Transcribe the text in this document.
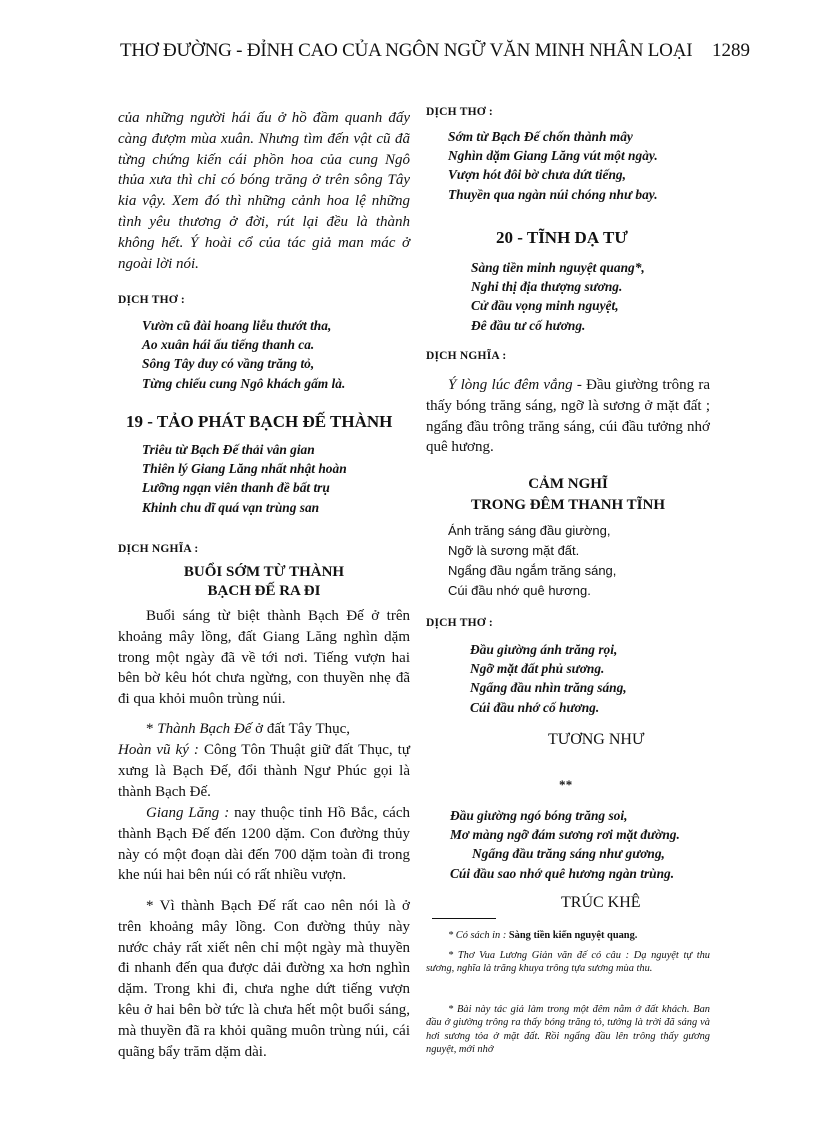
THƠ ĐƯỜNG - ĐỈNH CAO CỦA NGÔN NGỮ VĂN MINH NHÂN LOẠI 1289

của những người hái ấu ở hồ đầm quanh đấy càng đượm mùa xuân. Nhưng tìm đến vật cũ đã từng chứng kiến cái phồn hoa của cung Ngô thủa xưa thì chỉ có bóng trăng ở trên sông Tây kia vậy. Xem đó thì những cảnh hoa lệ những tình yêu thương ở đời, rút lại đều là thành không hết. Ý hoài cổ của tác giả man mác ở ngoài lời nói.

DỊCH THƠ :
Vườn cũ đài hoang liễu thướt tha,
Ao xuân hái ấu tiếng thanh ca.
Sông Tây duy có vầng trăng tỏ,
Từng chiếu cung Ngô khách gấm là.
19 - TẢO PHÁT BẠCH ĐẾ THÀNH
Triêu từ Bạch Đế thải vân gian
Thiên lý Giang Lăng nhất nhật hoàn
Lưỡng ngạn viên thanh đề bất trụ
Khinh chu dĩ quá vạn trùng san
DỊCH NGHĨA :
BUỔI SỚM TỪ THÀNH
BẠCH ĐẾ RA ĐI

Buổi sáng từ biệt thành Bạch Đế ở trên khoảng mây lồng, đất Giang Lăng nghìn dặm trong một ngày đã về tới nơi. Tiếng vượn hai bên bờ kêu hót chưa ngừng, con thuyền nhẹ đã đi qua khỏi muôn trùng núi.

* Thành Bạch Đế ở đất Tây Thục,

Hoàn vũ ký : Công Tôn Thuật giữ đất Thục, tự xưng là Bạch Đế, đổi thành Ngư Phúc gọi là thành Bạch Đế.

Giang Lăng : nay thuộc tỉnh Hồ Bắc, cách thành Bạch Đế đến 1200 dặm. Con đường thủy này có một đoạn dài đến 700 dặm toàn đi trong khe núi hai bên núi có rất nhiều vượn.

* Vì thành Bạch Đế rất cao nên nói là ở trên khoảng mây lồng. Con đường thủy này nước chảy rất xiết nên chỉ một ngày mà thuyền đi nhanh đến qua được dải đường xa hơn nghìn dặm. Trong khi đi, chưa nghe dứt tiếng vượn kêu ở hai bên bờ tức là chưa hết một buổi sáng, mà thuyền đã ra khỏi quãng muôn trùng núi, cái quãng bẩy trăm dặm dài.

DỊCH THƠ :
Sớm từ Bạch Đế chốn thành mây
Nghìn dặm Giang Lăng vút một ngày.
Vượn hót đôi bờ chưa dứt tiếng,
Thuyền qua ngàn núi chóng như bay.
20 - TĨNH DẠ TƯ
Sàng tiền minh nguyệt quang*,
Nghi thị địa thượng sương.
Cử đầu vọng minh nguyệt,
Đê đầu tư cố hương.
DỊCH NGHĨA :

Ý lòng lúc đêm vắng - Đầu giường trông ra thấy bóng trăng sáng, ngỡ là sương ở mặt đất ; ngẩng đầu trông trăng sáng, cúi đầu tưởng nhớ quê hương.

CẢM NGHĨ
TRONG ĐÊM THANH TĨNH
Ánh trăng sáng đầu giường,
Ngỡ là sương mặt đất.
Ngẩng đầu ngắm trăng sáng,
Cúi đầu nhớ quê hương.
DỊCH THƠ :
Đầu giường ánh trăng rọi,
Ngỡ mặt đất phủ sương.
Ngẩng đầu nhìn trăng sáng,
Cúi đầu nhớ cố hương.
TƯƠNG NHƯ
**
Đầu giường ngó bóng trăng soi,
Mơ màng ngỡ đám sương rơi mặt đường.
Ngẩng đầu trăng sáng như gương,
Cúi đầu sao nhớ quê hương ngàn trùng.
TRÚC KHÊ

* Có sách in : Sàng tiền kiến nguyệt quang.

* Thơ Vua Lương Giản văn đế có câu : Dạ nguyệt tự thu sương, nghĩa là trăng khuya trông tựa sương mùa thu.

* Bài này tác giả làm trong một đêm nằm ở đất khách. Ban đầu ở giường trông ra thấy bóng trăng tỏ, tưởng là trời đã sáng và hơi sương tỏa ở mặt đất. Rồi ngẩng đầu lên trông thấy gương nguyệt, mới nhớ
